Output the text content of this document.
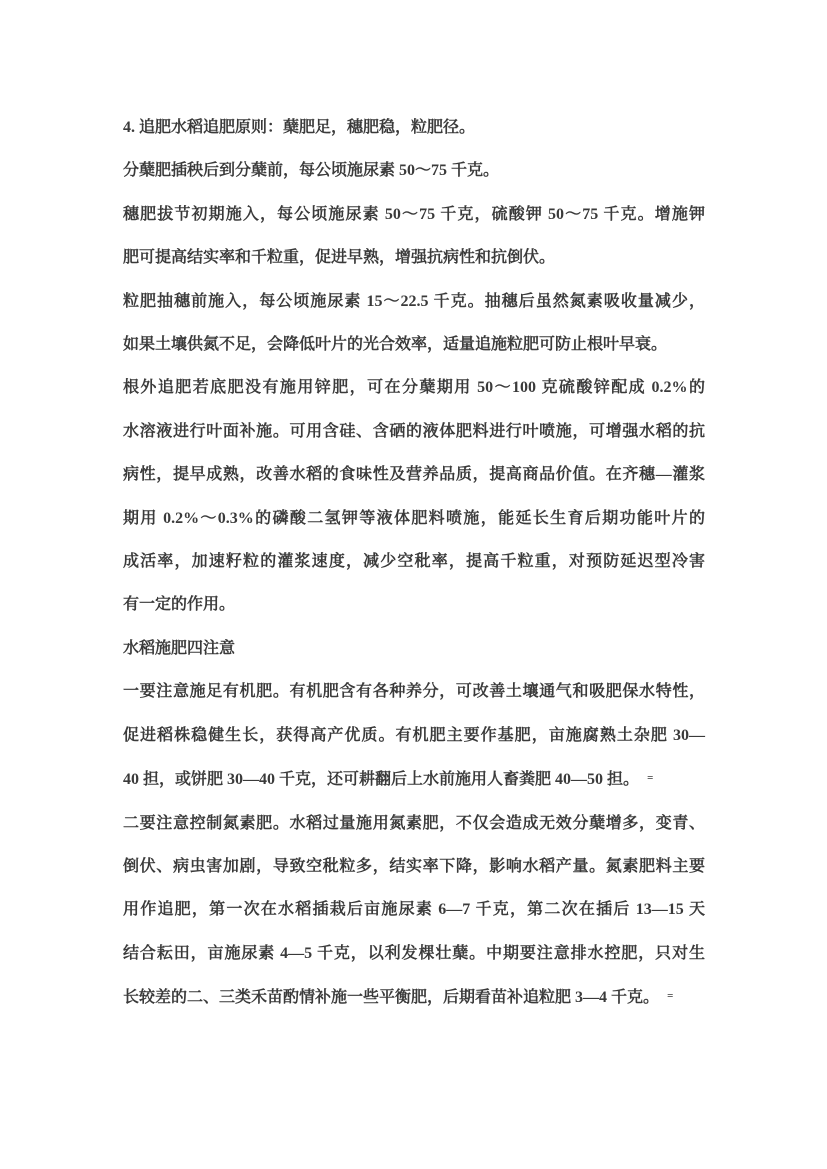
4. 追肥水稻追肥原则：蘖肥足，穗肥稳，粒肥径。
分蘖肥插秧后到分蘖前，每公顷施尿素 50～75 千克。
穗肥拔节初期施入，每公顷施尿素 50～75 千克，硫酸钾 50～75 千克。增施钾
肥可提高结实率和千粒重，促进早熟，增强抗病性和抗倒伏。
粒肥抽穗前施入，每公顷施尿素 15～22.5 千克。抽穗后虽然氮素吸收量减少，
如果土壤供氮不足，会降低叶片的光合效率，适量追施粒肥可防止根叶早衰。
根外追肥若底肥没有施用锌肥，可在分蘖期用 50～100 克硫酸锌配成 0.2%的
水溶液进行叶面补施。可用含硅、含硒的液体肥料进行叶喷施，可增强水稻的抗
病性，提早成熟，改善水稻的食味性及营养品质，提高商品价值。在齐穗—灌浆
期用 0.2%～0.3%的磷酸二氢钾等液体肥料喷施，能延长生育后期功能叶片的
成活率，加速籽粒的灌浆速度，减少空秕率，提高千粒重，对预防延迟型冷害
有一定的作用。
水稻施肥四注意
一要注意施足有机肥。有机肥含有各种养分，可改善土壤通气和吸肥保水特性，
促进稻株稳健生长，获得高产优质。有机肥主要作基肥，亩施腐熟土杂肥 30—
40 担，或饼肥 30—40 千克，还可耕翻后上水前施用人畜粪肥 40—50 担。 =
二要注意控制氮素肥。水稻过量施用氮素肥，不仅会造成无效分蘖增多，变青、
倒伏、病虫害加剧，导致空秕粒多，结实率下降，影响水稻产量。氮素肥料主要
用作追肥，第一次在水稻插栽后亩施尿素 6—7 千克，第二次在插后 13—15 天
结合耘田，亩施尿素 4—5 千克，以利发棵壮蘖。中期要注意排水控肥，只对生
长较差的二、三类禾苗酌情补施一些平衡肥，后期看苗补追粒肥 3—4 千克。 =
